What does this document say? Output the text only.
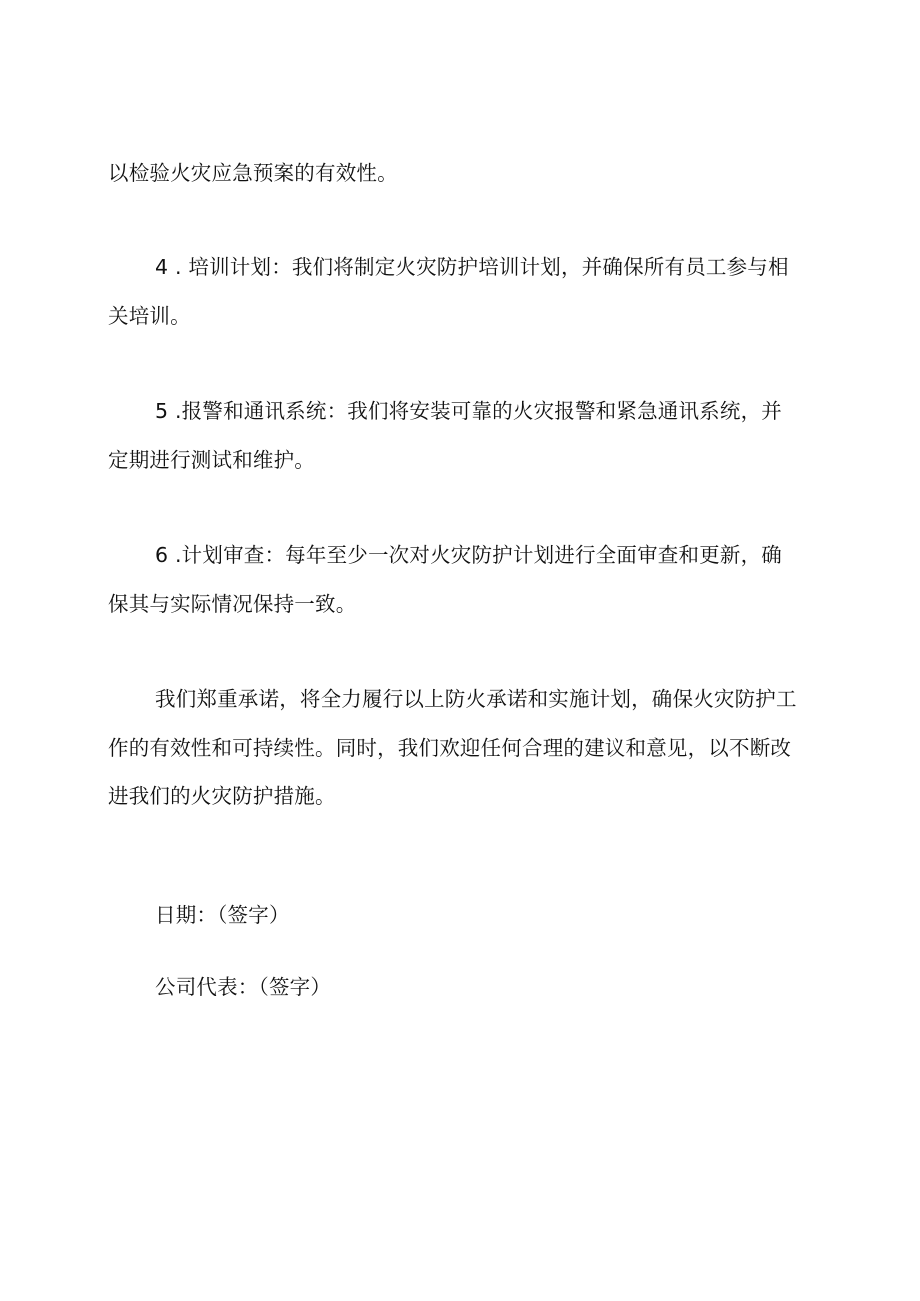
以检验火灾应急预案的有效性。
4 . 培训计划：我们将制定火灾防护培训计划，并确保所有员工参与相
关培训。
5 .报警和通讯系统：我们将安装可靠的火灾报警和紧急通讯系统，并
定期进行测试和维护。
6 .计划审查：每年至少一次对火灾防护计划进行全面审查和更新，确
保其与实际情况保持一致。
我们郑重承诺，将全力履行以上防火承诺和实施计划，确保火灾防护工
作的有效性和可持续性。同时，我们欢迎任何合理的建议和意见，以不断改
进我们的火灾防护措施。
日期：（签字）
公司代表：（签字）
